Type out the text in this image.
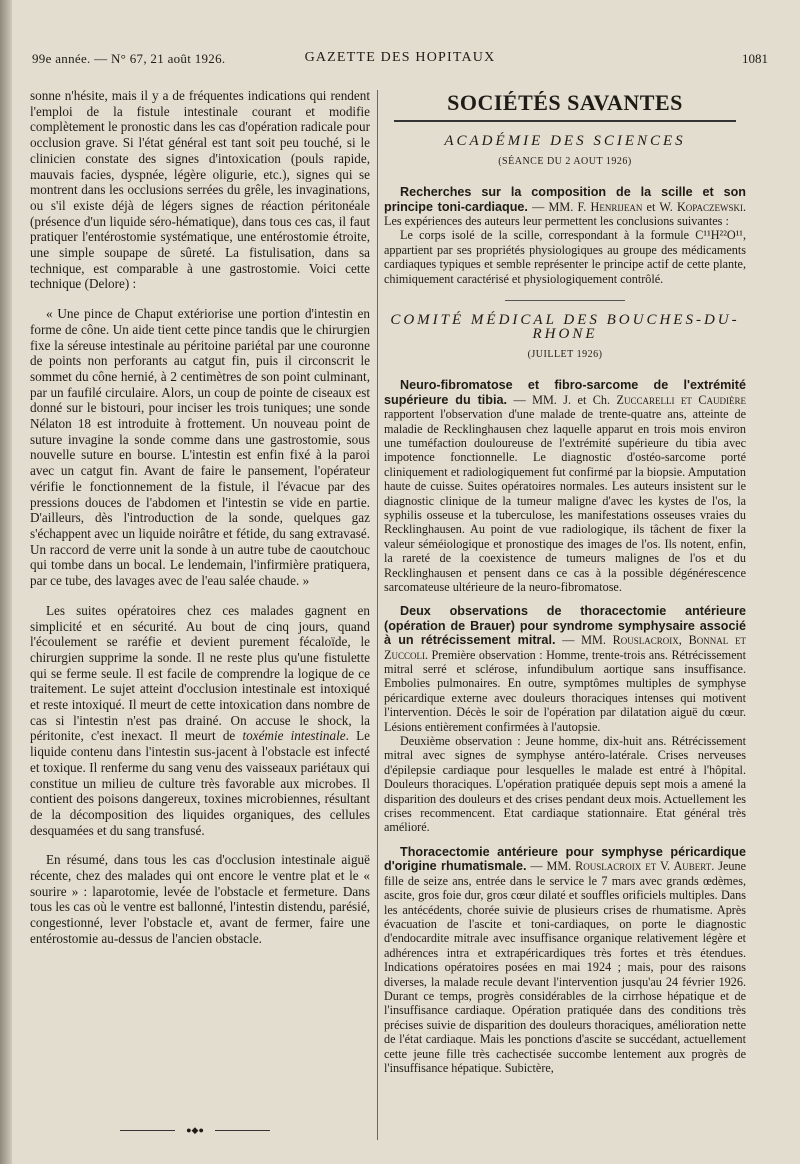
99e année. — N° 67, 21 août 1926.	GAZETTE DES HOPITAUX	1081

sonne n'hésite, mais il y a de fréquentes indications qui rendent l'emploi de la fistule intestinale courant et modifie complètement le pronostic dans les cas d'opération radicale pour occlusion grave. Si l'état général est tant soit peu touché, si le clinicien constate des signes d'intoxication (pouls rapide, mauvais facies, dyspnée, légère oligurie, etc.), signes qui se montrent dans les occlusions serrées du grêle, les invaginations, ou s'il existe déjà de légers signes de réaction péritonéale (présence d'un liquide séro-hématique), dans tous ces cas, il faut pratiquer l'entérostomie systématique, une entérostomie étroite, une simple soupape de sûreté. La fistulisation, dans sa technique, est comparable à une gastrostomie. Voici cette technique (Delore) :

« Une pince de Chaput extériorise une portion d'intestin en forme de cône. Un aide tient cette pince tandis que le chirurgien fixe la séreuse intestinale au péritoine pariétal par une couronne de points non perforants au catgut fin, puis il circonscrit le sommet du cône hernié, à 2 centimètres de son point culminant, par un faufilé circulaire. Alors, un coup de pointe de ciseaux est donné sur le bistouri, pour inciser les trois tuniques; une sonde Nélaton 18 est introduite à frottement. Un nouveau point de suture invagine la sonde comme dans une gastrostomie, sous nouvelle suture en bourse. L'intestin est enfin fixé à la paroi avec un catgut fin. Avant de faire le pansement, l'opérateur vérifie le fonctionnement de la fistule, il l'évacue par des pressions douces de l'abdomen et l'intestin se vide en partie. D'ailleurs, dès l'introduction de la sonde, quelques gaz s'échappent avec un liquide noirâtre et fétide, du sang extravasé. Un raccord de verre unit la sonde à un autre tube de caoutchouc qui tombe dans un bocal. Le lendemain, l'infirmière pratiquera, par ce tube, des lavages avec de l'eau salée chaude. »

Les suites opératoires chez ces malades gagnent en simplicité et en sécurité. Au bout de cinq jours, quand l'écoulement se raréfie et devient purement fécaloïde, le chirurgien supprime la sonde. Il ne reste plus qu'une fistulette qui se ferme seule. Il est facile de comprendre la logique de ce traitement. Le sujet atteint d'occlusion intestinale est intoxiqué et reste intoxiqué. Il meurt de cette intoxication dans nombre de cas si l'intestin n'est pas drainé. On accuse le shock, la péritonite, c'est inexact. Il meurt de toxémie intestinale. Le liquide contenu dans l'intestin sus-jacent à l'obstacle est infecté et toxique. Il renferme du sang venu des vaisseaux pariétaux qui constitue un milieu de culture très favorable aux microbes. Il contient des poisons dangereux, toxines microbiennes, résultant de la décomposition des liquides organiques, des cellules desquamées et du sang transfusé.

En résumé, dans tous les cas d'occlusion intestinale aiguë récente, chez des malades qui ont encore le ventre plat et le « sourire » : laparotomie, levée de l'obstacle et fermeture. Dans tous les cas où le ventre est ballonné, l'intestin distendu, parésié, congestionné, lever l'obstacle et, avant de fermer, faire une entérostomie au-dessus de l'ancien obstacle.

●◆●
SOCIÉTÉS SAVANTES
ACADÉMIE DES SCIENCES
(SÉANCE DU 2 AOUT 1926)

Recherches sur la composition de la scille et son principe toni-cardiaque. — MM. F. Henrijean et W. Kopaczewski. Les expériences des auteurs leur permettent les conclusions suivantes :

Le corps isolé de la scille, correspondant à la formule C¹¹H²²O¹¹, appartient par ses propriétés physiologiques au groupe des médicaments cardiaques typiques et semble représenter le principe actif de cette plante, chimiquement caractérisé et physiologiquement contrôlé.

COMITÉ MÉDICAL DES BOUCHES-DU-RHONE
(JUILLET 1926)

Neuro-fibromatose et fibro-sarcome de l'extrémité supérieure du tibia. — MM. J. et Ch. Zuccarelli et Caudière rapportent l'observation d'une malade de trente-quatre ans, atteinte de maladie de Recklinghausen chez laquelle apparut en trois mois environ une tuméfaction douloureuse de l'extrémité supérieure du tibia avec impotence fonctionnelle. Le diagnostic d'ostéo-sarcome porté cliniquement et radiologiquement fut confirmé par la biopsie. Amputation haute de cuisse. Suites opératoires normales. Les auteurs insistent sur le diagnostic clinique de la tumeur maligne d'avec les kystes de l'os, la syphilis osseuse et la tuberculose, les manifestations osseuses vraies du Recklinghausen. Au point de vue radiologique, ils tâchent de fixer la valeur séméiologique et pronostique des images de l'os. Ils notent, enfin, la rareté de la coexistence de tumeurs malignes de l'os et du Recklinghausen et pensent dans ce cas à la possible dégénérescence sarcomateuse ultérieure de la neuro-fibromatose.

Deux observations de thoracectomie antérieure (opération de Brauer) pour syndrome symphysaire associé à un rétrécissement mitral. — MM. Rouslacroix, Bonnal et Zuccoli. Première observation : Homme, trente-trois ans. Rétrécissement mitral serré et sclérose, infundibulum aortique sans insuffisance. Embolies pulmonaires. En outre, symptômes multiples de symphyse péricardique externe avec douleurs thoraciques intenses qui motivent l'intervention. Décès le soir de l'opération par dilatation aiguë du cœur. Lésions entièrement confirmées à l'autopsie.

Deuxième observation : Jeune homme, dix-huit ans. Rétrécissement mitral avec signes de symphyse antéro-latérale. Crises nerveuses d'épilepsie cardiaque pour lesquelles le malade est entré à l'hôpital. Douleurs thoraciques. L'opération pratiquée depuis sept mois a amené la disparition des douleurs et des crises pendant deux mois. Actuellement les crises recommencent. Etat cardiaque stationnaire. Etat général très amélioré.

Thoracectomie antérieure pour symphyse péricardique d'origine rhumatismale. — MM. Rouslacroix et V. Aubert. Jeune fille de seize ans, entrée dans le service le 7 mars avec grands œdèmes, ascite, gros foie dur, gros cœur dilaté et souffles orificiels multiples. Dans les antécédents, chorée suivie de plusieurs crises de rhumatisme. Après évacuation de l'ascite et toni-cardiaques, on porte le diagnostic d'endocardite mitrale avec insuffisance organique relativement légère et adhérences intra et extrapéricardiques très fortes et très étendues. Indications opératoires posées en mai 1924 ; mais, pour des raisons diverses, la malade recule devant l'intervention jusqu'au 24 février 1926. Durant ce temps, progrès considérables de la cirrhose hépatique et de l'insuffisance cardiaque. Opération pratiquée dans des conditions très précises suivie de disparition des douleurs thoraciques, amélioration nette de l'état cardiaque. Mais les ponctions d'ascite se succédant, actuellement cette jeune fille très cachectisée succombe lentement aux progrès de l'insuffisance hépatique. Subictère,
